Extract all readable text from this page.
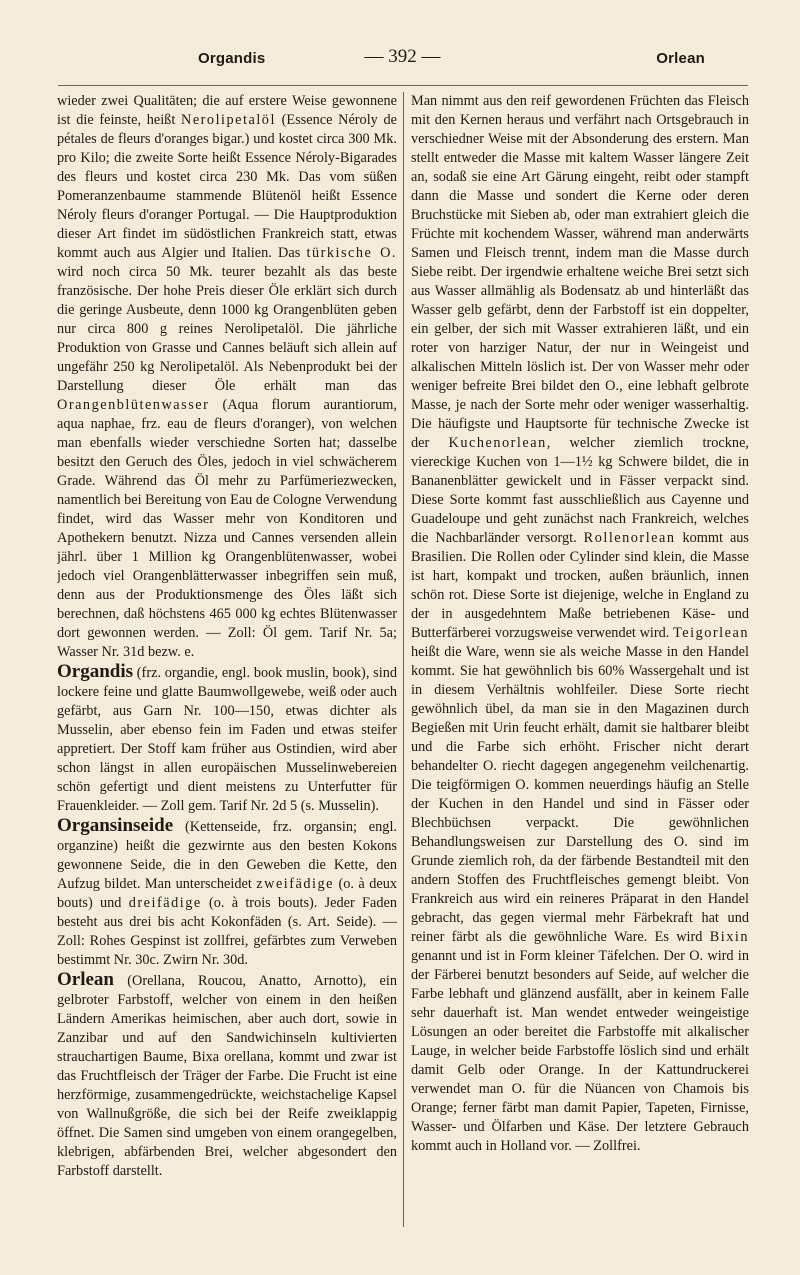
Organdis	— 392 —	Orlean

wieder zwei Qualitäten; die auf erstere Weise gewonnene ist die feinste, heißt Nerolipetalöl (Essence Néroly de pétales de fleurs d'oranges bigar.) und kostet circa 300 Mk. pro Kilo; die zweite Sorte heißt Essence Néroly-Bigarades des fleurs und kostet circa 230 Mk. Das vom süßen Pomeranzenbaume stammende Blütenöl heißt Essence Néroly fleurs d'oranger Portugal. — Die Hauptproduktion dieser Art findet im südöstlichen Frankreich statt, etwas kommt auch aus Algier und Italien. Das türkische O. wird noch circa 50 Mk. teurer bezahlt als das beste französische. Der hohe Preis dieser Öle erklärt sich durch die geringe Ausbeute, denn 1000 kg Orangenblüten geben nur circa 800 g reines Nerolipetalöl. Die jährliche Produktion von Grasse und Cannes beläuft sich allein auf ungefähr 250 kg Nerolipetalöl. Als Nebenprodukt bei der Darstellung dieser Öle erhält man das Orangenblütenwasser (Aqua florum aurantiorum, aqua naphae, frz. eau de fleurs d'oranger), von welchen man ebenfalls wieder verschiedne Sorten hat; dasselbe besitzt den Geruch des Öles, jedoch in viel schwächerem Grade. Während das Öl mehr zu Parfümeriezwecken, namentlich bei Bereitung von Eau de Cologne Verwendung findet, wird das Wasser mehr von Konditoren und Apothekern benutzt. Nizza und Cannes versenden allein jährl. über 1 Million kg Orangenblütenwasser, wobei jedoch viel Orangenblätterwasser inbegriffen sein muß, denn aus der Produktionsmenge des Öles läßt sich berechnen, daß höchstens 465 000 kg echtes Blütenwasser dort gewonnen werden. — Zoll: Öl gem. Tarif Nr. 5a; Wasser Nr. 31d bezw. e.

Organdis (frz. organdie, engl. book muslin, book), sind lockere feine und glatte Baumwollgewebe, weiß oder auch gefärbt, aus Garn Nr. 100—150, etwas dichter als Musselin, aber ebenso fein im Faden und etwas steifer appretiert. Der Stoff kam früher aus Ostindien, wird aber schon längst in allen europäischen Musselinwebereien schön gefertigt und dient meistens zu Unterfutter für Frauenkleider. — Zoll gem. Tarif Nr. 2d 5 (s. Musselin).

Organsinseide (Kettenseide, frz. organsin; engl. organzine) heißt die gezwirnte aus den besten Kokons gewonnene Seide, die in den Geweben die Kette, den Aufzug bildet. Man unterscheidet zweifädige (o. à deux bouts) und dreifädige (o. à trois bouts). Jeder Faden besteht aus drei bis acht Kokonfäden (s. Art. Seide). — Zoll: Rohes Gespinst ist zollfrei, gefärbtes zum Verweben bestimmt Nr. 30c. Zwirn Nr. 30d.

Orlean (Orellana, Roucou, Anatto, Arnotto), ein gelbroter Farbstoff, welcher von einem in den heißen Ländern Amerikas heimischen, aber auch dort, sowie in Zanzibar und auf den Sandwichinseln kultivierten strauchartigen Baume, Bixa orellana, kommt und zwar ist das Fruchtfleisch der Träger der Farbe. Die Frucht ist eine herzförmige, zusammengedrückte, weichstachelige Kapsel von Wallnußgröße, die sich bei der Reife zweiklappig öffnet. Die Samen sind umgeben von einem orangegelben, klebrigen, abfärbenden Brei, welcher abgesondert den Farbstoff darstellt.

Man nimmt aus den reif gewordenen Früchten das Fleisch mit den Kernen heraus und verfährt nach Ortsgebrauch in verschiedner Weise mit der Absonderung des erstern. Man stellt entweder die Masse mit kaltem Wasser längere Zeit an, sodaß sie eine Art Gärung eingeht, reibt oder stampft dann die Masse und sondert die Kerne oder deren Bruchstücke mit Sieben ab, oder man extrahiert gleich die Früchte mit kochendem Wasser, während man anderwärts Samen und Fleisch trennt, indem man die Masse durch Siebe reibt. Der irgendwie erhaltene weiche Brei setzt sich aus Wasser allmählig als Bodensatz ab und hinterläßt das Wasser gelb gefärbt, denn der Farbstoff ist ein doppelter, ein gelber, der sich mit Wasser extrahieren läßt, und ein roter von harziger Natur, der nur in Weingeist und alkalischen Mitteln löslich ist. Der von Wasser mehr oder weniger befreite Brei bildet den O., eine lebhaft gelbrote Masse, je nach der Sorte mehr oder weniger wasserhaltig. Die häufigste und Hauptsorte für technische Zwecke ist der Kuchenorlean, welcher ziemlich trockne, viereckige Kuchen von 1—1½ kg Schwere bildet, die in Bananenblätter gewickelt und in Fässer verpackt sind. Diese Sorte kommt fast ausschließlich aus Cayenne und Guadeloupe und geht zunächst nach Frankreich, welches die Nachbarländer versorgt. Rollenorlean kommt aus Brasilien. Die Rollen oder Cylinder sind klein, die Masse ist hart, kompakt und trocken, außen bräunlich, innen schön rot. Diese Sorte ist diejenige, welche in England zu der in ausgedehntem Maße betriebenen Käse- und Butterfärberei vorzugsweise verwendet wird. Teigorlean heißt die Ware, wenn sie als weiche Masse in den Handel kommt. Sie hat gewöhnlich bis 60% Wassergehalt und ist in diesem Verhältnis wohlfeiler. Diese Sorte riecht gewöhnlich übel, da man sie in den Magazinen durch Begießen mit Urin feucht erhält, damit sie haltbarer bleibt und die Farbe sich erhöht. Frischer nicht derart behandelter O. riecht dagegen angegenehm veilchenartig. Die teigförmigen O. kommen neuerdings häufig an Stelle der Kuchen in den Handel und sind in Fässer oder Blechbüchsen verpackt. Die gewöhnlichen Behandlungsweisen zur Darstellung des O. sind im Grunde ziemlich roh, da der färbende Bestandteil mit den andern Stoffen des Fruchtfleisches gemengt bleibt. Von Frankreich aus wird ein reineres Präparat in den Handel gebracht, das gegen viermal mehr Färbekraft hat und reiner färbt als die gewöhnliche Ware. Es wird Bixin genannt und ist in Form kleiner Täfelchen. Der O. wird in der Färberei benutzt besonders auf Seide, auf welcher die Farbe lebhaft und glänzend ausfällt, aber in keinem Falle sehr dauerhaft ist. Man wendet entweder weingeistige Lösungen an oder bereitet die Farbstoffe mit alkalischer Lauge, in welcher beide Farbstoffe löslich sind und erhält damit Gelb oder Orange. In der Kattundruckerei verwendet man O. für die Nüancen von Chamois bis Orange; ferner färbt man damit Papier, Tapeten, Firnisse, Wasser- und Ölfarben und Käse. Der letztere Gebrauch kommt auch in Holland vor. — Zollfrei.
